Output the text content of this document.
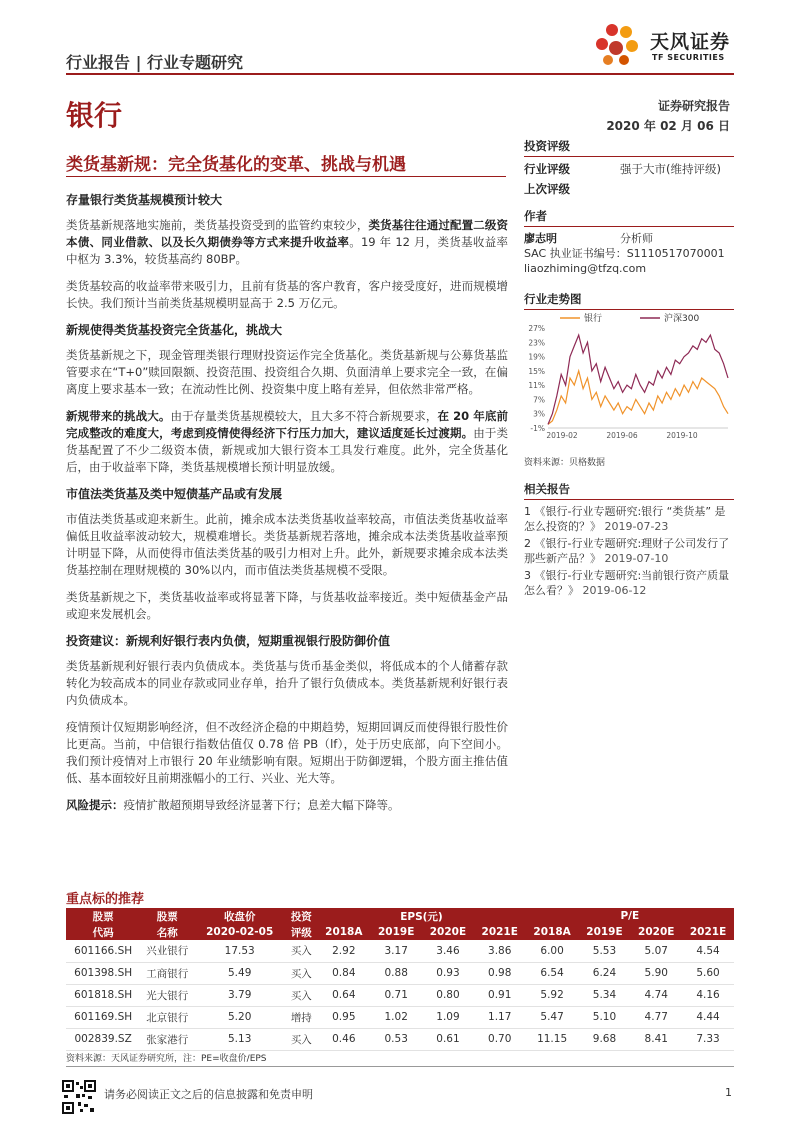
行业报告 | 行业专题研究
天风证券
TF SECURITIES
银行	证券研究报告
2020 年 02 月 06 日
类货基新规：完全货基化的变革、挑战与机遇
存量银行类货基规模预计较大

类货基新规落地实施前，类货基投资受到的监管约束较少，类货基往往通过配置二级资本债、同业借款、以及长久期债券等方式来提升收益率。19 年 12 月，类货基收益率中枢为 3.3%，较货基高约 80BP。

类货基较高的收益率带来吸引力，且前有货基的客户教育，客户接受度好，进而规模增长快。我们预计当前类货基规模明显高于 2.5 万亿元。

新规使得类货基投资完全货基化，挑战大

类货基新规之下，现金管理类银行理财投资运作完全货基化。类货基新规与公募货基监管要求在“T+0”赎回限额、投资范围、投资组合久期、负面清单上要求完全一致，在偏离度上要求基本一致；在流动性比例、投资集中度上略有差异，但依然非常严格。

新规带来的挑战大。由于存量类货基规模较大，且大多不符合新规要求，在 20 年底前完成整改的难度大，考虑到疫情使得经济下行压力加大，建议适度延长过渡期。由于类货基配置了不少二级资本债，新规或加大银行资本工具发行难度。此外，完全货基化后，由于收益率下降，类货基规模增长预计明显放缓。

市值法类货基及类中短债基产品或有发展

市值法类货基或迎来新生。此前，摊余成本法类货基收益率较高，市值法类货基收益率偏低且收益率波动较大，规模难增长。类货基新规若落地，摊余成本法类货基收益率预计明显下降，从而使得市值法类货基的吸引力相对上升。此外，新规要求摊余成本法类货基控制在理财规模的 30%以内，而市值法类货基规模不受限。

类货基新规之下，类货基收益率或将显著下降，与货基收益率接近。类中短债基金产品或迎来发展机会。

投资建议：新规利好银行表内负债，短期重视银行股防御价值

类货基新规利好银行表内负债成本。类货基与货币基金类似，将低成本的个人储蓄存款转化为较高成本的同业存款或同业存单，抬升了银行负债成本。类货基新规利好银行表内负债成本。

疫情预计仅短期影响经济，但不改经济企稳的中期趋势，短期回调反而使得银行股性价比更高。当前，中信银行指数估值仅 0.78 倍 PB（lf），处于历史底部，向下空间小。我们预计疫情对上市银行 20 年业绩影响有限。短期出于防御逻辑，个股方面主推估值低、基本面较好且前期涨幅小的工行、兴业、光大等。

风险提示：疫情扩散超预期导致经济显著下行；息差大幅下降等。

投资评级
行业评级	强于大市(维持评级)
上次评级
作者
廖志明	分析师
SAC 执业证书编号：S1110517070001
liaozhiming@tfzq.com
行业走势图
银行	沪深300
27%
23%
19%
15%
11%
7%
3%
-1%
2019-02	2019-06	2019-10
资料来源：贝格数据
相关报告
1 《银行-行业专题研究:银行 “类货基” 是怎么投资的？》 2019-07-23
2 《银行-行业专题研究:理财子公司发行了那些新产品？》 2019-07-10
3 《银行-行业专题研究:当前银行资产质量怎么看？》 2019-06-12
重点标的推荐
股票	股票	收盘价	投资	EPS(元)				P/E			
代码	名称	2020-02-05	评级	2018A	2019E	2020E	2021E	2018A	2019E	2020E	2021E
601166.SH	兴业银行	17.53	买入	2.92	3.17	3.46	3.86	6.00	5.53	5.07	4.54
601398.SH	工商银行	5.49	买入	0.84	0.88	0.93	0.98	6.54	6.24	5.90	5.60
601818.SH	光大银行	3.79	买入	0.64	0.71	0.80	0.91	5.92	5.34	4.74	4.16
601169.SH	北京银行	5.20	增持	0.95	1.02	1.09	1.17	5.47	5.10	4.77	4.44
002839.SZ	张家港行	5.13	买入	0.46	0.53	0.61	0.70	11.15	9.68	8.41	7.33
资料来源：天风证券研究所，注：PE=收盘价/EPS
请务必阅读正文之后的信息披露和免责申明	1
